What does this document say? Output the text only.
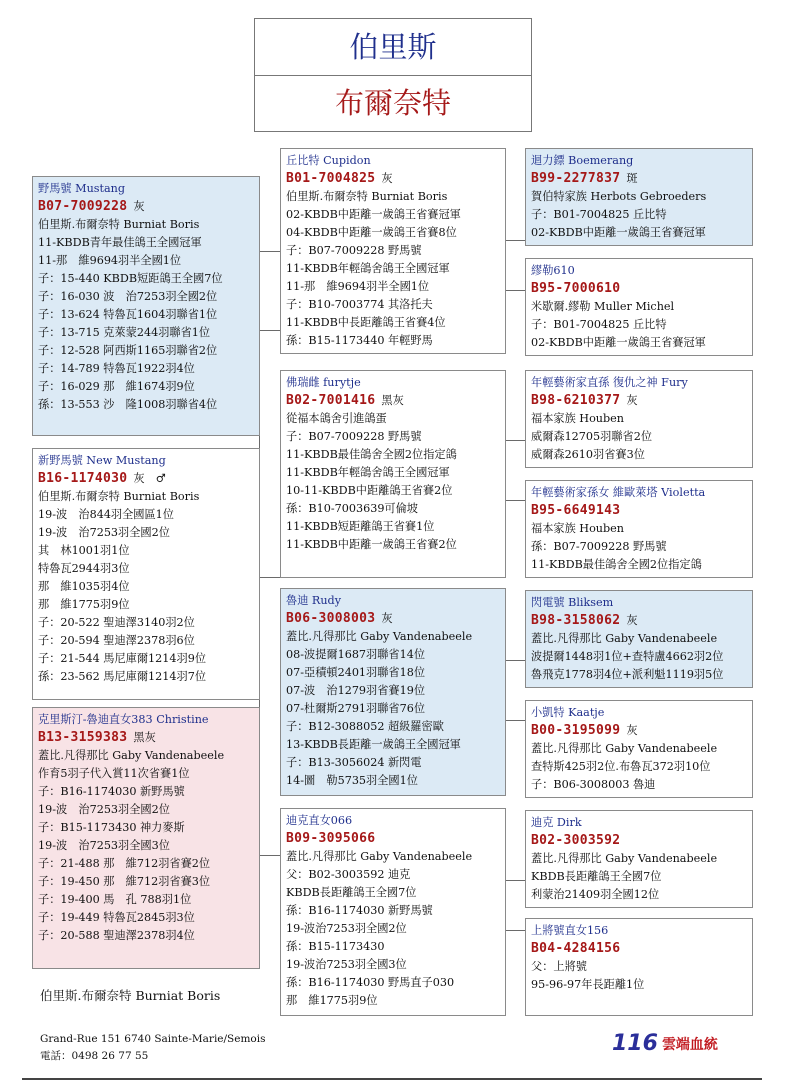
伯里斯
布爾奈特
野馬號 Mustang
B07-7009228 灰
伯里斯.布爾奈特 Burniat Boris
11-KBDB青年最佳鴿王全國冠軍
11-那　維9694羽半全國1位
子：15-440 KBDB短距鴿王全國7位
子：16-030 波　治7253羽全國2位
子：13-624 特魯瓦1604羽聯省1位
子：13-715 克萊蒙244羽聯省1位
子：12-528 阿西斯1165羽聯省2位
子：14-789 特魯瓦1922羽4位
子：16-029 那　維1674羽9位
孫：13-553 沙　隆1008羽聯省4位
新野馬號 New Mustang
B16-1174030 灰　♂
伯里斯.布爾奈特 Burniat Boris
19-波　治844羽全國區1位
19-波　治7253羽全國2位
其　林1001羽1位
特魯瓦2944羽3位
那　維1035羽4位
那　維1775羽9位
子：20-522 聖迪澤3140羽2位
子：20-594 聖迪澤2378羽6位
子：21-544 馬尼庫爾1214羽9位
孫：23-562 馬尼庫爾1214羽7位
克里斯汀-魯迪直女383 Christine
B13-3159383 黑灰
蓋比.凡得那比 Gaby Vandenabeele
作育5羽子代入賞11次省賽1位
子：B16-1174030 新野馬號
19-波　治7253羽全國2位
子：B15-1173430 神力麥斯
19-波　治7253羽全國3位
子：21-488 那　維712羽省賽2位
子：19-450 那　維712羽省賽3位
子：19-400 馬　孔 788羽1位
子：19-449 特魯瓦2845羽3位
子：20-588 聖迪澤2378羽4位
丘比特 Cupidon
B01-7004825 灰
伯里斯.布爾奈特 Burniat Boris
02-KBDB中距離一歲鴿王省賽冠軍
04-KBDB中距離一歲鴿王省賽8位
子：B07-7009228 野馬號
11-KBDB年輕鴿舍鴿王全國冠軍
11-那　維9694羽半全國1位
子：B10-7003774 其洛托夫
11-KBDB中長距離鴿王省賽4位
孫：B15-1173440 年輕野馬
佛瑞雌 furytje
B02-7001416 黑灰
從福本鴿舍引進鴿蛋
子：B07-7009228 野馬號
11-KBDB最佳鴿舍全國2位指定鴿
11-KBDB年輕鴿舍鴿王全國冠軍
10-11-KBDB中距離鴿王省賽2位
孫：B10-7003639可倫坡
11-KBDB短距離鴿王省賽1位
11-KBDB中距離一歲鴿王省賽2位
魯迪 Rudy
B06-3008003 灰
蓋比.凡得那比 Gaby Vandenabeele
08-波提爾1687羽聯省14位
07-亞積頓2401羽聯省18位
07-波　治1279羽省賽19位
07-杜爾斯2791羽聯省76位
子：B12-3088052 超級羅密歐
13-KBDB長距離一歲鴿王全國冠軍
子：B13-3056024 新閃電
14-圖　勒5735羽全國1位
迪克直女066
B09-3095066
蓋比.凡得那比 Gaby Vandenabeele
父：B02-3003592 迪克
KBDB長距離鴿王全國7位
孫：B16-1174030 新野馬號
19-波治7253羽全國2位
孫：B15-1173430
19-波治7253羽全國3位
孫：B16-1174030 野馬直子030
那　維1775羽9位
迴力鏢 Boemerang
B99-2277837 斑
賀伯特家族 Herbots Gebroeders
子：B01-7004825 丘比特
02-KBDB中距離一歲鴿王省賽冠軍
繆勒610
B95-7000610
米歇爾.繆勒 Muller Michel
子：B01-7004825 丘比特
02-KBDB中距離一歲鴿王省賽冠軍
年輕藝術家直孫 復仇之神 Fury
B98-6210377 灰
福本家族 Houben
威爾森12705羽聯省2位
威爾森2610羽省賽3位
年輕藝術家孫女 維歐萊塔 Violetta
B95-6649143
福本家族 Houben
孫：B07-7009228 野馬號
11-KBDB最佳鴿舍全國2位指定鴿
閃電號 Bliksem
B98-3158062 灰
蓋比.凡得那比 Gaby Vandenabeele
波提爾1448羽1位+查特盧4662羽2位
魯飛克1778羽4位+派利魁1119羽5位
小凱特 Kaatje
B00-3195099 灰
蓋比.凡得那比 Gaby Vandenabeele
查特斯425羽2位.布魯瓦372羽10位
子：B06-3008003 魯迪
迪克 Dirk
B02-3003592
蓋比.凡得那比 Gaby Vandenabeele
KBDB長距離鴿王全國7位
利蒙治21409羽全國12位
上將號直女156
B04-4284156
父：上將號
95-96-97年長距離1位
伯里斯.布爾奈特 Burniat Boris
Grand-Rue 151 6740 Sainte-Marie/Semois
電話：0498 26 77 55	116 雲端血統
